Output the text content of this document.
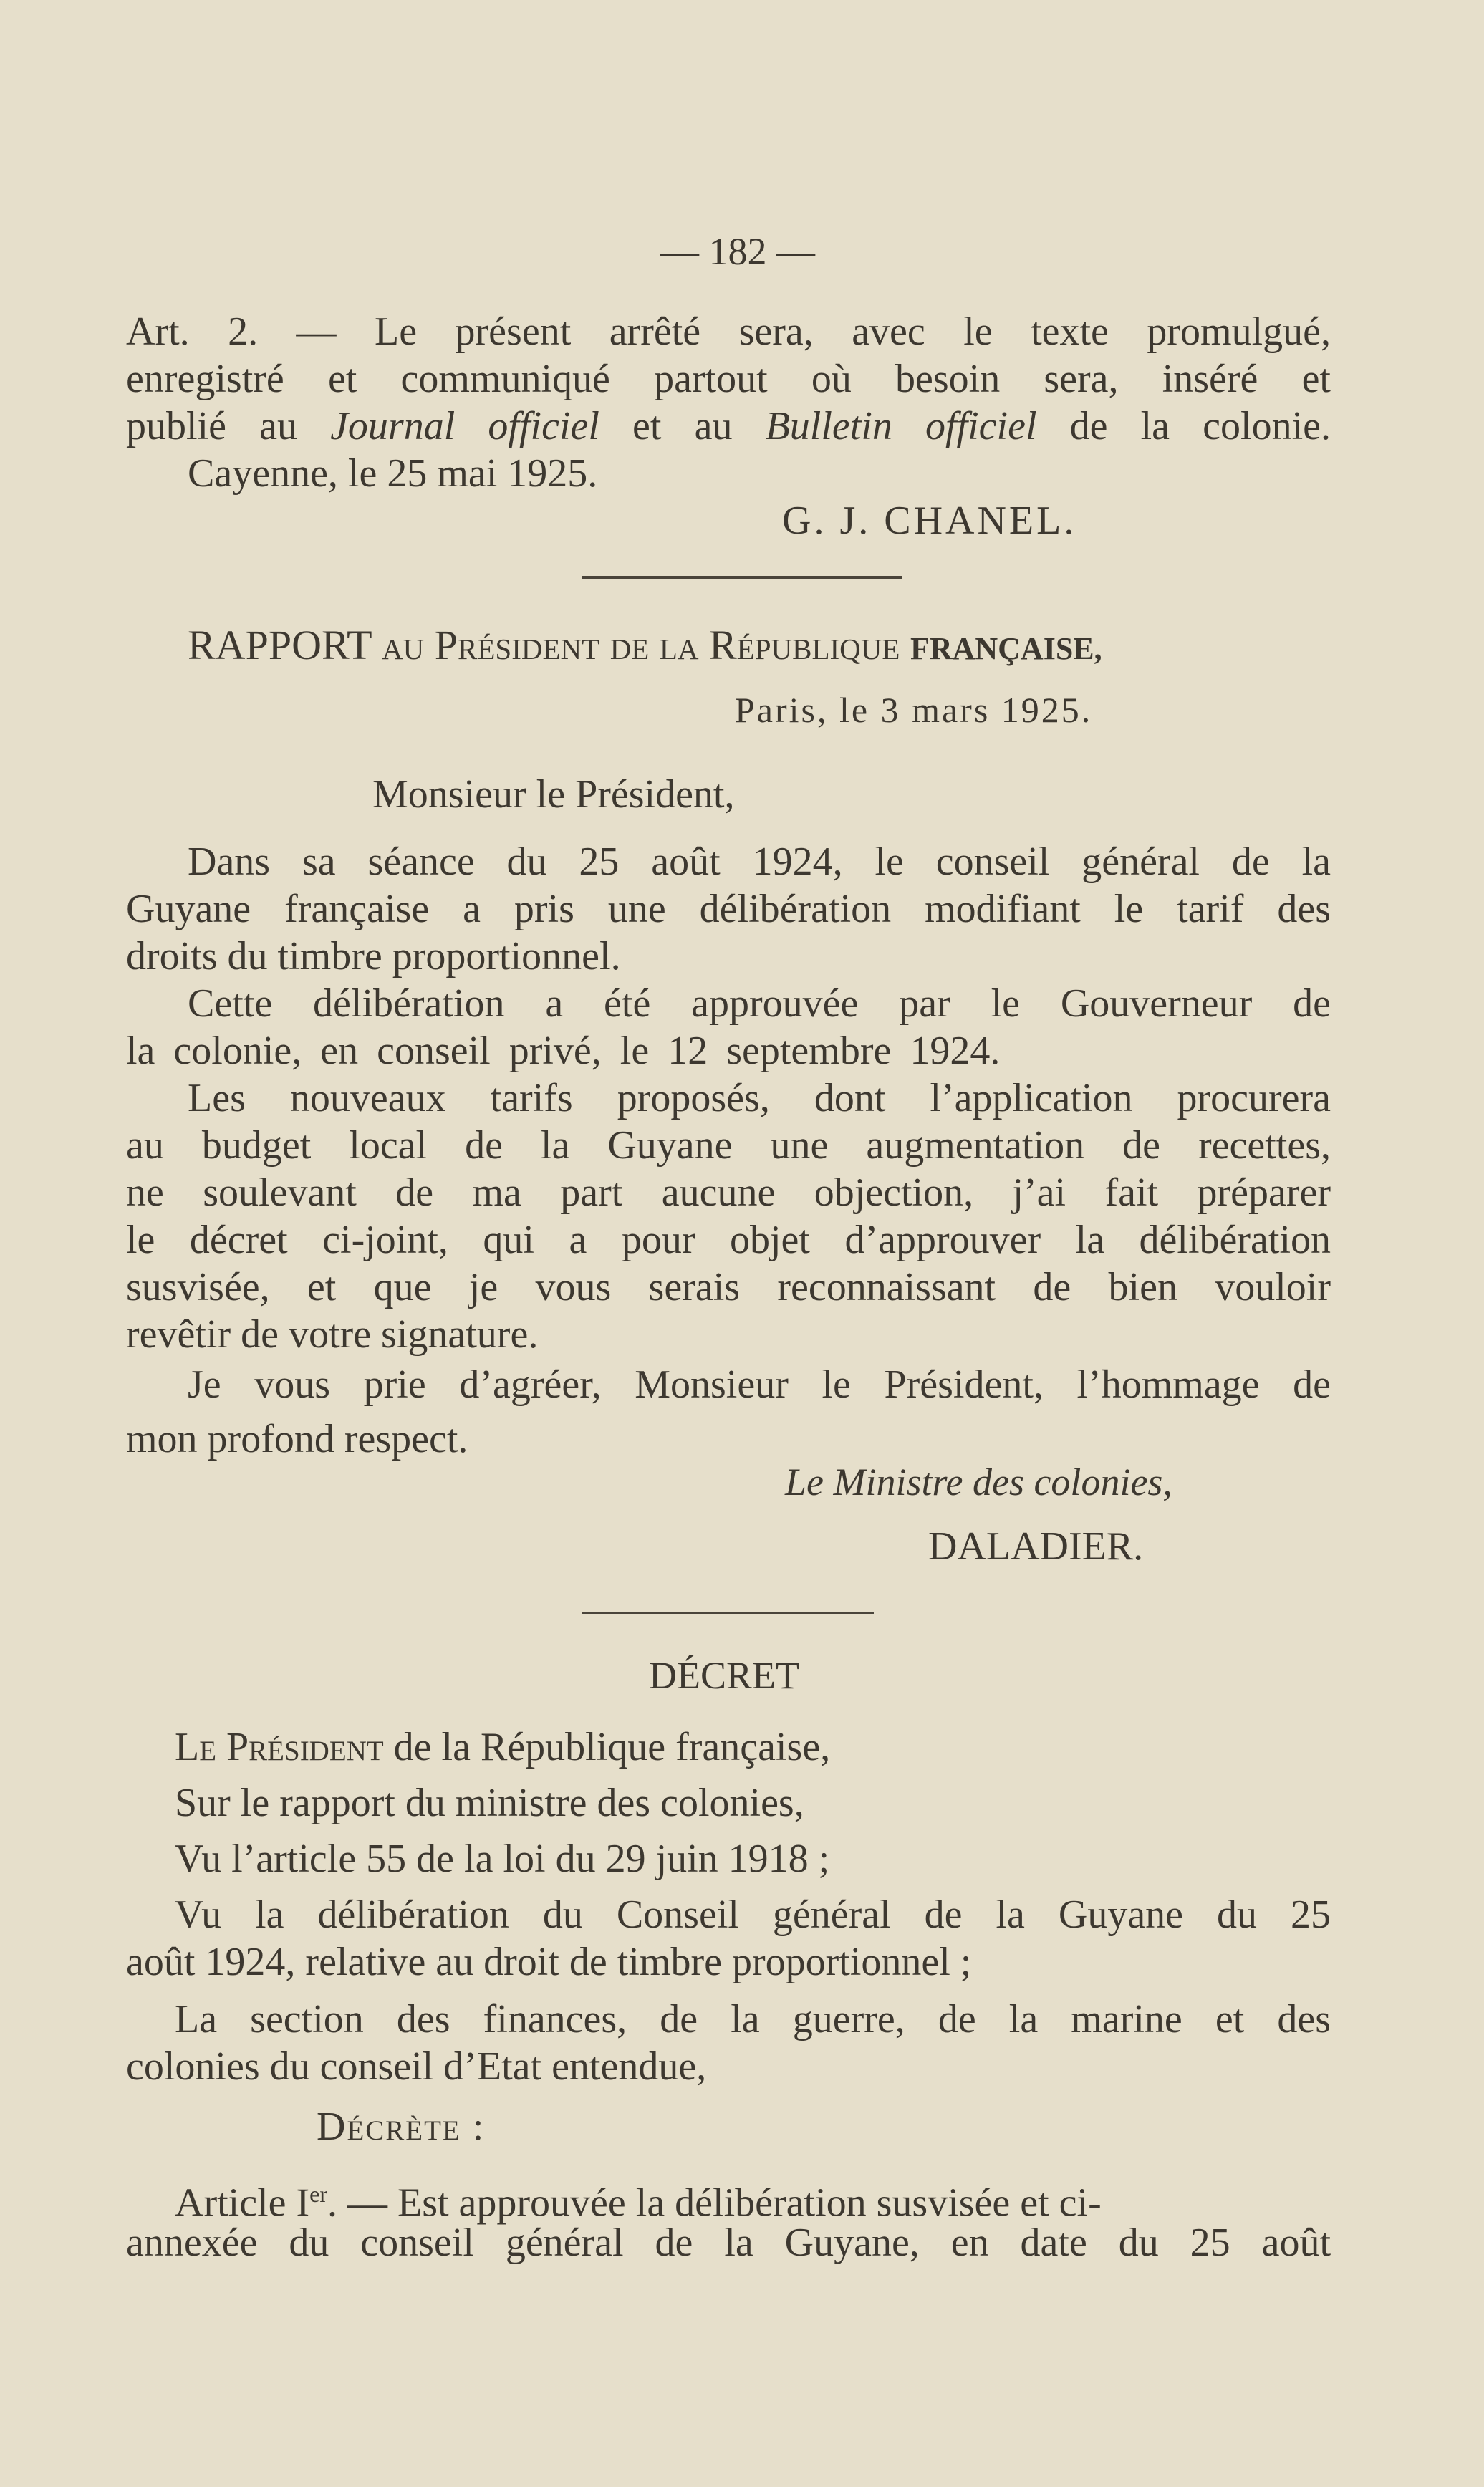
— 182 —
Art. 2. — Le présent arrêté sera, avec le texte promulgué,
enregistré et communiqué partout où besoin sera, inséré et
publié au Journal officiel et au Bulletin officiel de la colonie.
Cayenne, le 25 mai 1925.
G. J. CHANEL.
RAPPORT au Président de la République FRANÇAISE,
Paris, le 3 mars 1925.
Monsieur le Président,
Dans sa séance du 25 août 1924, le conseil général de la
Guyane française a pris une délibération modifiant le tarif des
droits du timbre proportionnel.
Cette délibération a été approuvée par le Gouverneur de
la colonie, en conseil privé, le 12 septembre 1924.
Les nouveaux tarifs proposés, dont l’application procurera
au budget local de la Guyane une augmentation de recettes,
ne soulevant de ma part aucune objection, j’ai fait préparer
le décret ci-joint, qui a pour objet d’approuver la délibération
susvisée, et que je vous serais reconnaissant de bien vouloir
revêtir de votre signature.
Je vous prie d’agréer, Monsieur le Président, l’hommage de
mon profond respect.
Le Ministre des colonies,
DALADIER.
DÉCRET
Le Président de la République française,
Sur le rapport du ministre des colonies,
Vu l’article 55 de la loi du 29 juin 1918 ;
Vu la délibération du Conseil général de la Guyane du 25
août 1924, relative au droit de timbre proportionnel ;
La section des finances, de la guerre, de la marine et des
colonies du conseil d’Etat entendue,
Décrète :
Article Ier. — Est approuvée la délibération susvisée et ci-
annexée du conseil général de la Guyane, en date du 25 août
